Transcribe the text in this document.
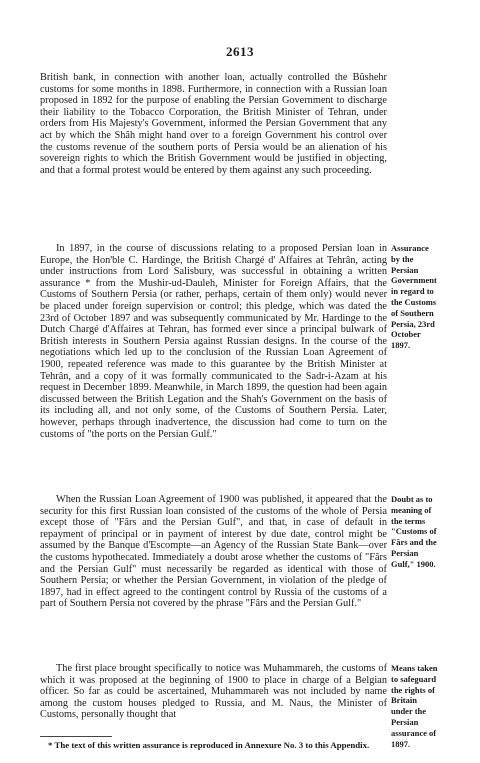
2613

British bank, in connection with another loan, actually controlled the Bûshehr customs for some months in 1898. Furthermore, in connection with a Russian loan proposed in 1892 for the purpose of enabling the Persian Government to discharge their liability to the Tobacco Corporation, the British Minister of Tehran, under orders from His Majesty's Government, informed the Persian Government that any act by which the Shâh might hand over to a foreign Government his control over the customs revenue of the southern ports of Persia would be an alienation of his sovereign rights to which the British Government would be justified in objecting, and that a formal protest would be entered by them against any such proceeding.

In 1897, in the course of discussions relating to a proposed Persian loan in Europe, the Hon'ble C. Hardinge, the British Chargé d' Affaires at Tehrân, acting under instructions from Lord Salisbury, was successful in obtaining a written assurance * from the Mushir-ud-Dauleh, Minister for Foreign Affairs, that the Customs of Southern Persia (or rather, perhaps, certain of them only) would never be placed under foreign supervision or control; this pledge, which was dated the 23rd of October 1897 and was subsequently communicated by Mr. Hardinge to the Dutch Chargé d'Affaires at Tehran, has formed ever since a principal bulwark of British interests in Southern Persia against Russian designs. In the course of the negotiations which led up to the conclusion of the Russian Loan Agreement of 1900, repeated reference was made to this guarantee by the British Minister at Tehrân, and a copy of it was formally communicated to the Sadr-i-Azam at his request in December 1899. Meanwhile, in March 1899, the question had been again discussed between the British Legation and the Shah's Government on the basis of its including all, and not only some, of the Customs of Southern Persia. Later, however, perhaps through inadvertence, the discussion had come to turn on the customs of "the ports on the Persian Gulf."

Assurance
by the
Persian
Government
in regard to
the Customs
of Southern
Persia, 23rd
October
1897.

When the Russian Loan Agreement of 1900 was published, it appeared that the security for this first Russian loan consisted of the customs of the whole of Persia except those of "Fârs and the Persian Gulf", and that, in case of default in repayment of principal or in payment of interest by due date, control might be assumed by the Banque d'Escompte—an Agency of the Russian State Bank—over the customs hypothecated. Immediately a doubt arose whether the customs of "Fârs and the Persian Gulf" must necessarily be regarded as identical with those of Southern Persia; or whether the Persian Government, in violation of the pledge of 1897, had in effect agreed to the contingent control by Russia of the customs of a part of Southern Persia not covered by the phrase "Fârs and the Persian Gulf."

Doubt as to
meaning of
the terms
"Customs of
Fârs and the
Persian
Gulf," 1900.

The first place brought specifically to notice was Muhammareh, the customs of which it was proposed at the beginning of 1900 to place in charge of a Belgian officer. So far as could be ascertained, Muhammareh was not included by name among the custom houses pledged to Russia, and M. Naus, the Minister of Customs, personally thought that

Means taken
to safeguard
the rights of
Britain
under the
Persian
assurance of
1897.
* The text of this written assurance is reproduced in Annexure No. 3 to this Appendix.
